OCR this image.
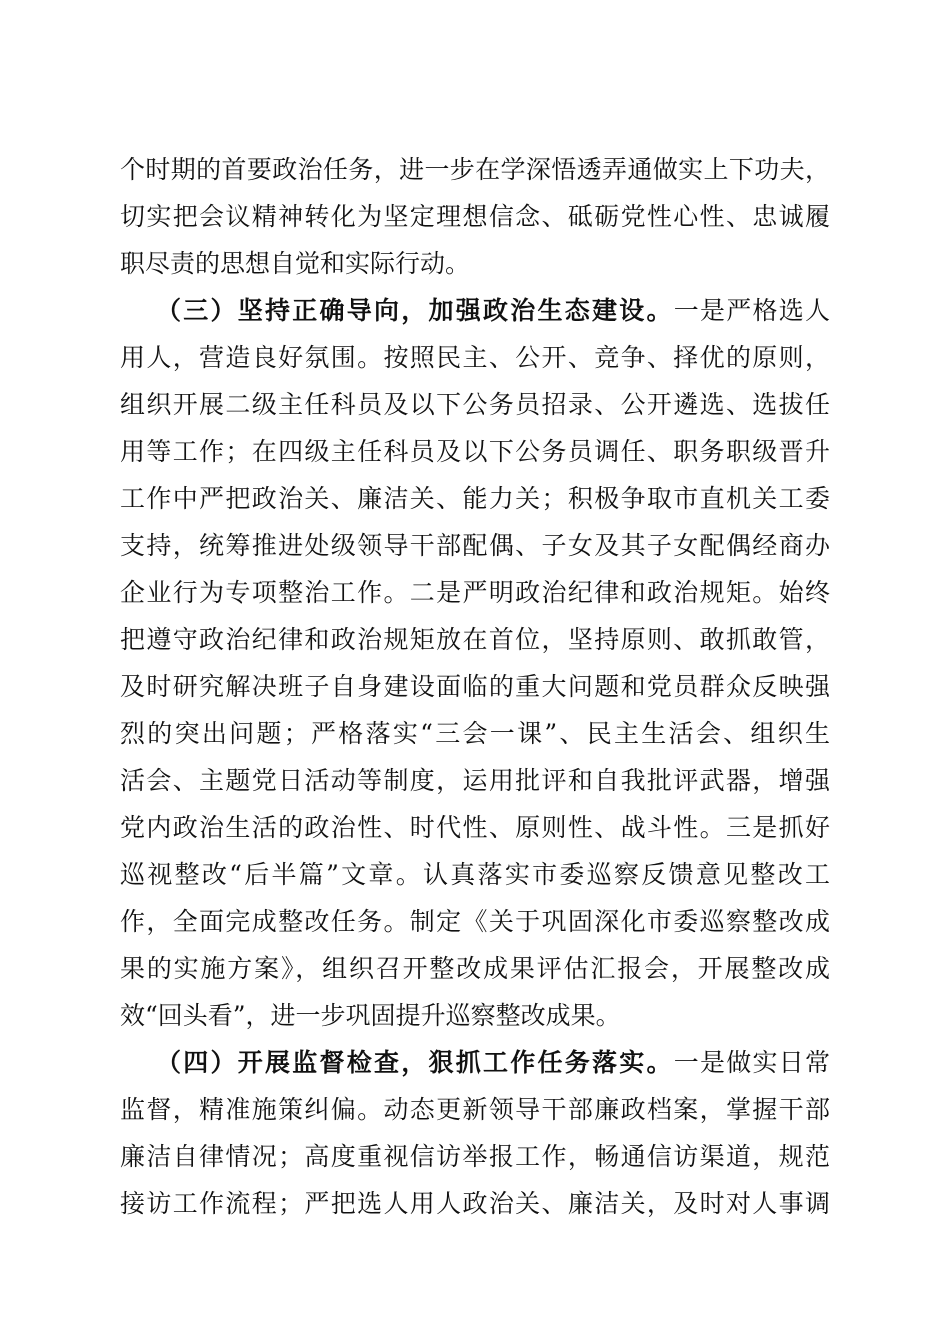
个时期的首要政治任务，进一步在学深悟透弄通做实上下功夫，
切实把会议精神转化为坚定理想信念、砥砺党性心性、忠诚履
职尽责的思想自觉和实际行动。
（三）坚持正确导向，加强政治生态建设。一是严格选人
用人，营造良好氛围。按照民主、公开、竞争、择优的原则，
组织开展二级主任科员及以下公务员招录、公开遴选、选拔任
用等工作；在四级主任科员及以下公务员调任、职务职级晋升
工作中严把政治关、廉洁关、能力关；积极争取市直机关工委
支持，统筹推进处级领导干部配偶、子女及其子女配偶经商办
企业行为专项整治工作。二是严明政治纪律和政治规矩。始终
把遵守政治纪律和政治规矩放在首位，坚持原则、敢抓敢管，
及时研究解决班子自身建设面临的重大问题和党员群众反映强
烈的突出问题；严格落实“三会一课”、民主生活会、组织生
活会、主题党日活动等制度，运用批评和自我批评武器，增强
党内政治生活的政治性、时代性、原则性、战斗性。三是抓好
巡视整改“后半篇”文章。认真落实市委巡察反馈意见整改工
作，全面完成整改任务。制定《关于巩固深化市委巡察整改成
果的实施方案》，组织召开整改成果评估汇报会，开展整改成
效“回头看”，进一步巩固提升巡察整改成果。
（四）开展监督检查，狠抓工作任务落实。一是做实日常
监督，精准施策纠偏。动态更新领导干部廉政档案，掌握干部
廉洁自律情况；高度重视信访举报工作，畅通信访渠道，规范
接访工作流程；严把选人用人政治关、廉洁关，及时对人事调
